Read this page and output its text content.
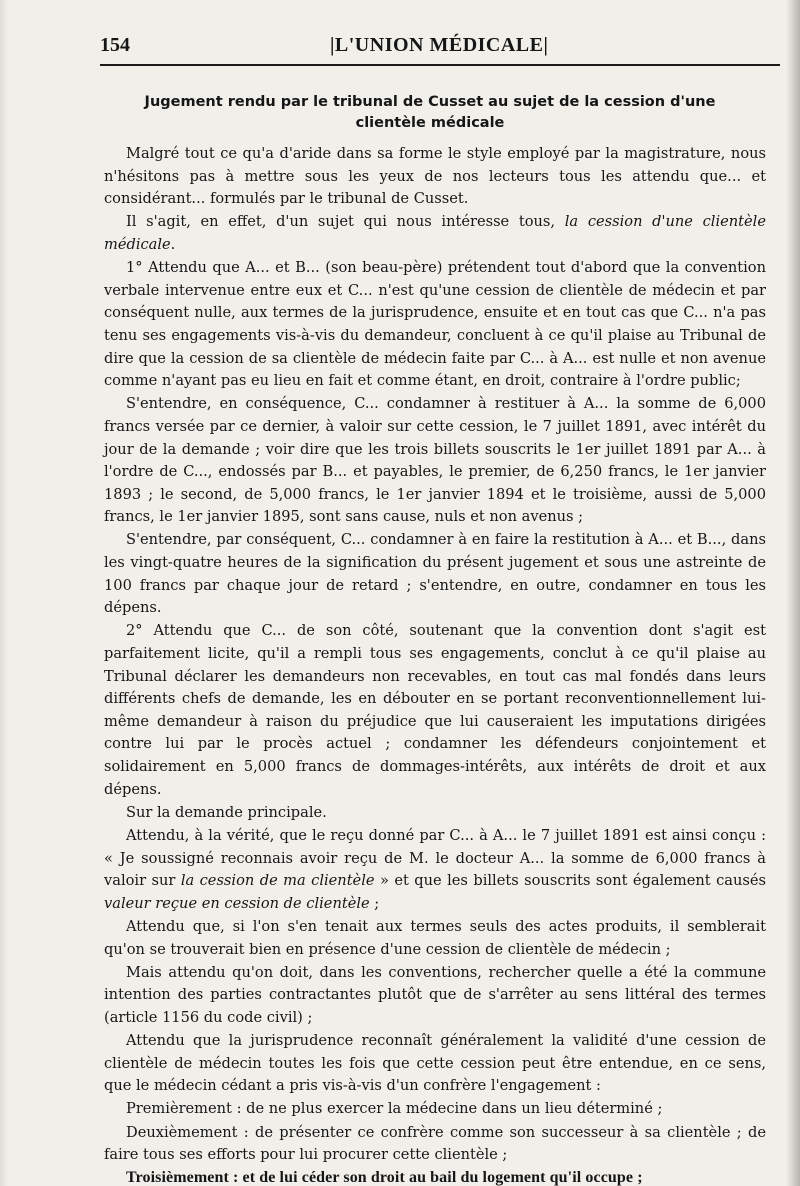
154	|L'UNION MÉDICALE|
Jugement rendu par le tribunal de Cusset au sujet de la cession d'une clientèle médicale

Malgré tout ce qu'a d'aride dans sa forme le style employé par la magistrature, nous n'hésitons pas à mettre sous les yeux de nos lecteurs tous les attendu que... et considérant... formulés par le tribunal de Cusset.

Il s'agit, en effet, d'un sujet qui nous intéresse tous, la cession d'une clientèle médicale.

1° Attendu que A... et B... (son beau-père) prétendent tout d'abord que la convention verbale intervenue entre eux et C... n'est qu'une cession de clientèle de médecin et par conséquent nulle, aux termes de la jurisprudence, ensuite et en tout cas que C... n'a pas tenu ses engagements vis-à-vis du demandeur, concluent à ce qu'il plaise au Tribunal de dire que la cession de sa clientèle de médecin faite par C... à A... est nulle et non avenue comme n'ayant pas eu lieu en fait et comme étant, en droit, contraire à l'ordre public;

S'entendre, en conséquence, C... condamner à restituer à A... la somme de 6,000 francs versée par ce dernier, à valoir sur cette cession, le 7 juillet 1891, avec intérêt du jour de la demande ; voir dire que les trois billets souscrits le 1er juillet 1891 par A... à l'ordre de C..., endossés par B... et payables, le premier, de 6,250 francs, le 1er janvier 1893 ; le second, de 5,000 francs, le 1er janvier 1894 et le troisième, aussi de 5,000 francs, le 1er janvier 1895, sont sans cause, nuls et non avenus ;

S'entendre, par conséquent, C... condamner à en faire la restitution à A... et B..., dans les vingt-quatre heures de la signification du présent jugement et sous une astreinte de 100 francs par chaque jour de retard ; s'entendre, en outre, condamner en tous les dépens.

2° Attendu que C... de son côté, soutenant que la convention dont s'agit est parfaitement licite, qu'il a rempli tous ses engagements, conclut à ce qu'il plaise au Tribunal déclarer les demandeurs non recevables, en tout cas mal fondés dans leurs différents chefs de demande, les en débouter en se portant reconventionnellement lui-même demandeur à raison du préjudice que lui causeraient les imputations dirigées contre lui par le procès actuel ; condamner les défendeurs conjointement et solidairement en 5,000 francs de dommages-intérêts, aux intérêts de droit et aux dépens.

Sur la demande principale.

Attendu, à la vérité, que le reçu donné par C... à A... le 7 juillet 1891 est ainsi conçu : « Je soussigné reconnais avoir reçu de M. le docteur A... la somme de 6,000 francs à valoir sur la cession de ma clientèle » et que les billets souscrits sont également causés valeur reçue en cession de clientèle ;

Attendu que, si l'on s'en tenait aux termes seuls des actes produits, il semblerait qu'on se trouverait bien en présence d'une cession de clientèle de médecin ;

Mais attendu qu'on doit, dans les conventions, rechercher quelle a été la commune intention des parties contractantes plutôt que de s'arrêter au sens littéral des termes (article 1156 du code civil) ;

Attendu que la jurisprudence reconnaît généralement la validité d'une cession de clientèle de médecin toutes les fois que cette cession peut être entendue, en ce sens, que le médecin cédant a pris vis-à-vis d'un confrère l'engagement :

Premièrement : de ne plus exercer la médecine dans un lieu déterminé ;

Deuxièmement : de présenter ce confrère comme son successeur à sa clientèle ; de faire tous ses efforts pour lui procurer cette clientèle ;

Troisièmement : et de lui céder son droit au bail du logement qu'il occupe ;
